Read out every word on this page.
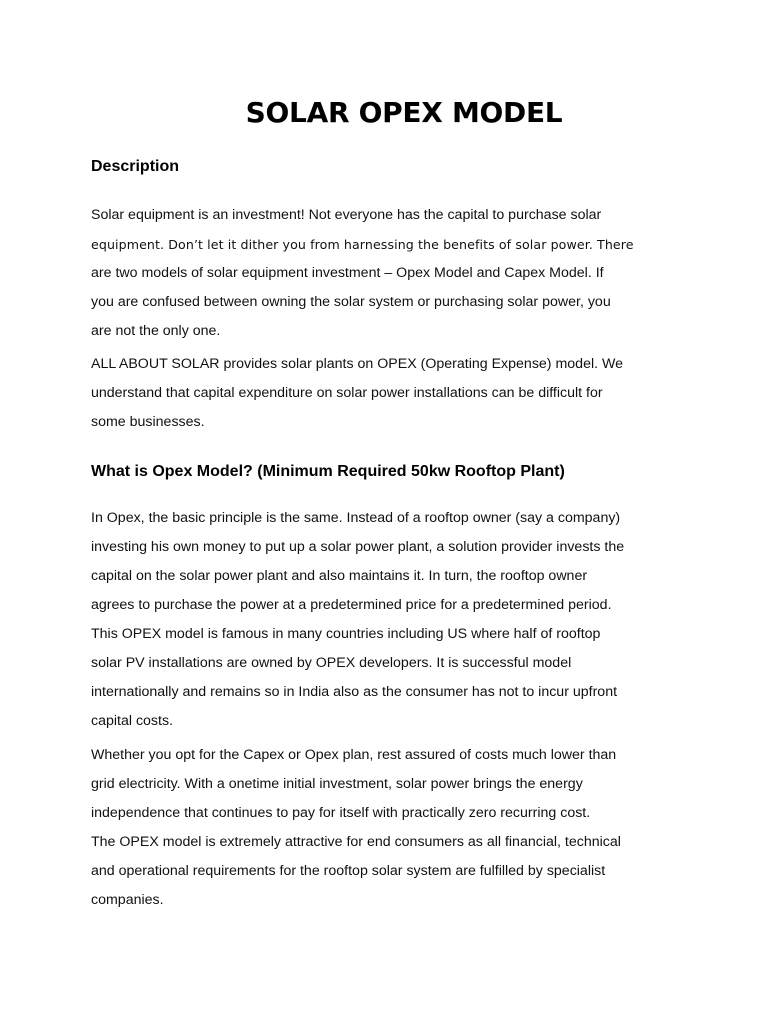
SOLAR OPEX MODEL
Description

Solar equipment is an investment! Not everyone has the capital to purchase solar
equipment. Don’t let it dither you from harnessing the benefits of solar power. There
are two models of solar equipment investment – Opex Model and Capex Model. If
you are confused between owning the solar system or purchasing solar power, you
are not the only one.

ALL ABOUT SOLAR provides solar plants on OPEX (Operating Expense) model. We
understand that capital expenditure on solar power installations can be difficult for
some businesses.

What is Opex Model? (Minimum Required 50kw Rooftop Plant)

In Opex, the basic principle is the same. Instead of a rooftop owner (say a company)
investing his own money to put up a solar power plant, a solution provider invests the
capital on the solar power plant and also maintains it. In turn, the rooftop owner
agrees to purchase the power at a predetermined price for a predetermined period.
This OPEX model is famous in many countries including US where half of rooftop
solar PV installations are owned by OPEX developers. It is successful model
internationally and remains so in India also as the consumer has not to incur upfront
capital costs.

Whether you opt for the Capex or Opex plan, rest assured of costs much lower than
grid electricity. With a onetime initial investment, solar power brings the energy
independence that continues to pay for itself with practically zero recurring cost.
The OPEX model is extremely attractive for end consumers as all financial, technical
and operational requirements for the rooftop solar system are fulfilled by specialist
companies.
